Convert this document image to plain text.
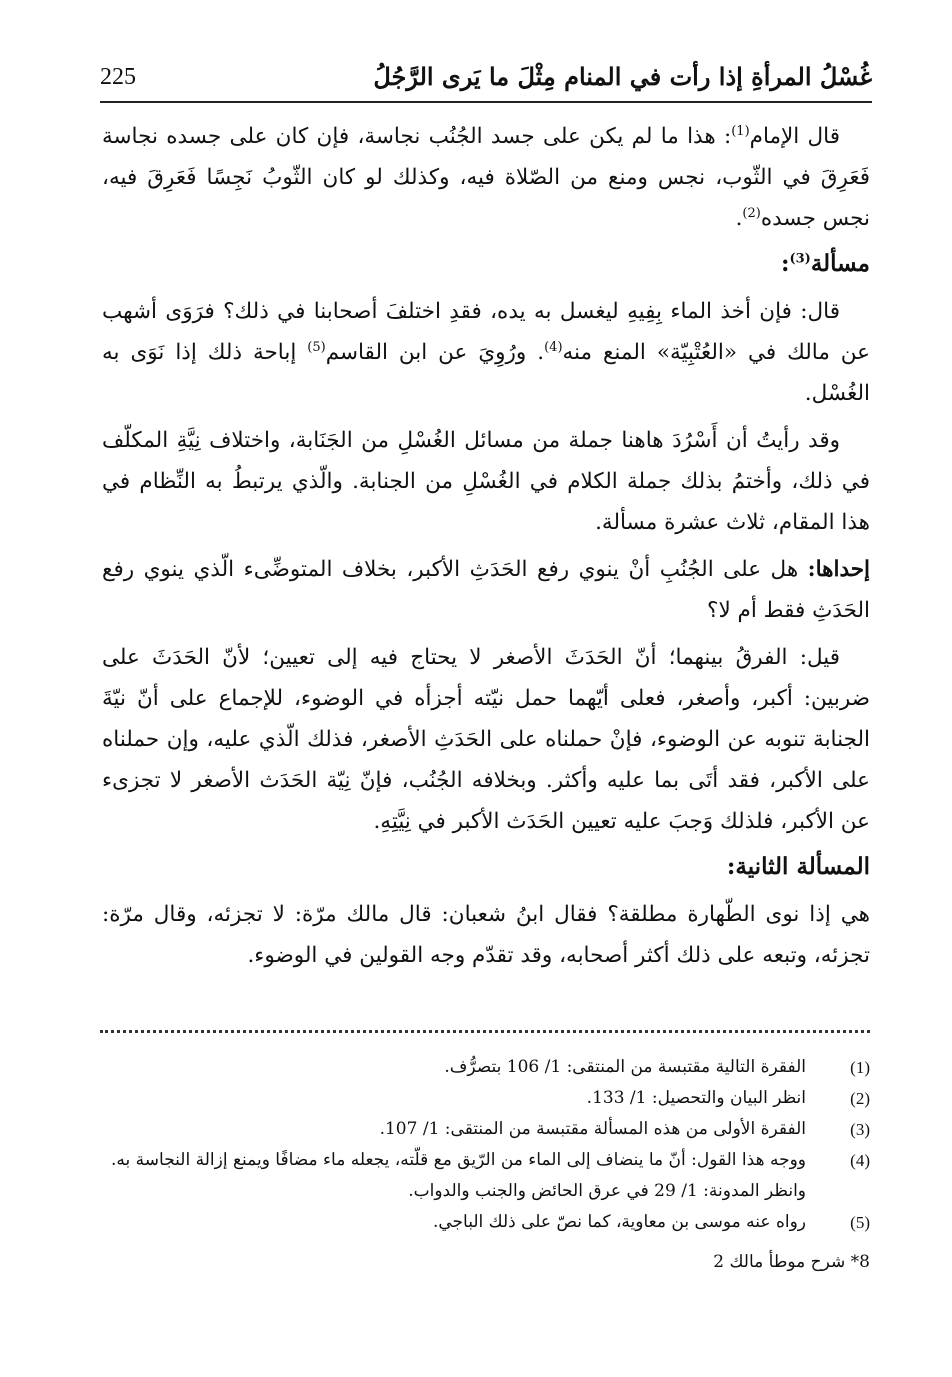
غُسْلُ المرأةِ إذا رأت في المنام مِثْلَ ما يَرى الرَّجُلُ
225

قال الإمام$^{(1)}$: هذا ما لم يكن على جسد الجُنُب نجاسة، فإن كان على جسده نجاسة فَعَرِقَ في الثّوب، نجس ومنع من الصّلاة فيه، وكذلك لو كان الثّوبُ نَجِسًا فَعَرِقَ فيه، نجس جسده$^{(2)}$.

مسألة$^{(3)}$:

قال: فإن أخذ الماء بِفِيهِ ليغسل به يده، فقدِ اختلفَ أصحابنا في ذلك؟ فرَوَى أشهب عن مالك في «العُتْبِيّة» المنع منه$^{(4)}$. ورُوِيَ عن ابن القاسم$^{(5)}$ إباحة ذلك إذا نَوَى به الغُسْل.

وقد رأيتُ أن أَسْرُدَ هاهنا جملة من مسائل الغُسْلِ من الجَنَابة، واختلاف نِيَّةِ المكلّف في ذلك، وأختمُ بذلك جملة الكلام في الغُسْلِ من الجنابة. والّذي يرتبطُ به النِّظام في هذا المقام، ثلاث عشرة مسألة.

إحداها: هل على الجُنُبِ أنْ ينوي رفع الحَدَثِ الأكبر، بخلاف المتوضِّىء الّذي ينوي رفع الحَدَثِ فقط أم لا؟

قيل: الفرقُ بينهما؛ أنّ الحَدَثَ الأصغر لا يحتاج فيه إلى تعيين؛ لأنّ الحَدَثَ على ضربين: أكبر، وأصغر، فعلى أيّهما حمل نيّته أجزأه في الوضوء، للإجماع على أنّ نيّةَ الجنابة تنوبه عن الوضوء، فإنْ حملناه على الحَدَثِ الأصغر، فذلك الّذي عليه، وإن حملناه على الأكبر، فقد أتَى بما عليه وأكثر. وبخلافه الجُنُب، فإنّ نِيّة الحَدَث الأصغر لا تجزىء عن الأكبر، فلذلك وَجبَ عليه تعيين الحَدَث الأكبر في نِيَّتِهِ.

المسألة الثانية:

هي إذا نوى الطّهارة مطلقة؟ فقال ابنُ شعبان: قال مالك مرّة: لا تجزئه، وقال مرّة: تجزئه، وتبعه على ذلك أكثر أصحابه، وقد تقدّم وجه القولين في الوضوء.

(1)
الفقرة التالية مقتبسة من المنتقى: 1/ 106 بتصرُّف.
(2)
انظر البيان والتحصيل: 1/ 133.
(3)
الفقرة الأولى من هذه المسألة مقتبسة من المنتقى: 1/ 107.
(4)
ووجه هذا القول: أنّ ما ينضاف إلى الماء من الرّيق مع قلّته، يجعله ماء مضافًا ويمنع إزالة النجاسة به. وانظر المدونة: 1/ 29 في عرق الحائض والجنب والدواب.
(5)
رواه عنه موسى بن معاوية، كما نصّ على ذلك الباجي.
8* شرح موطأ مالك 2
